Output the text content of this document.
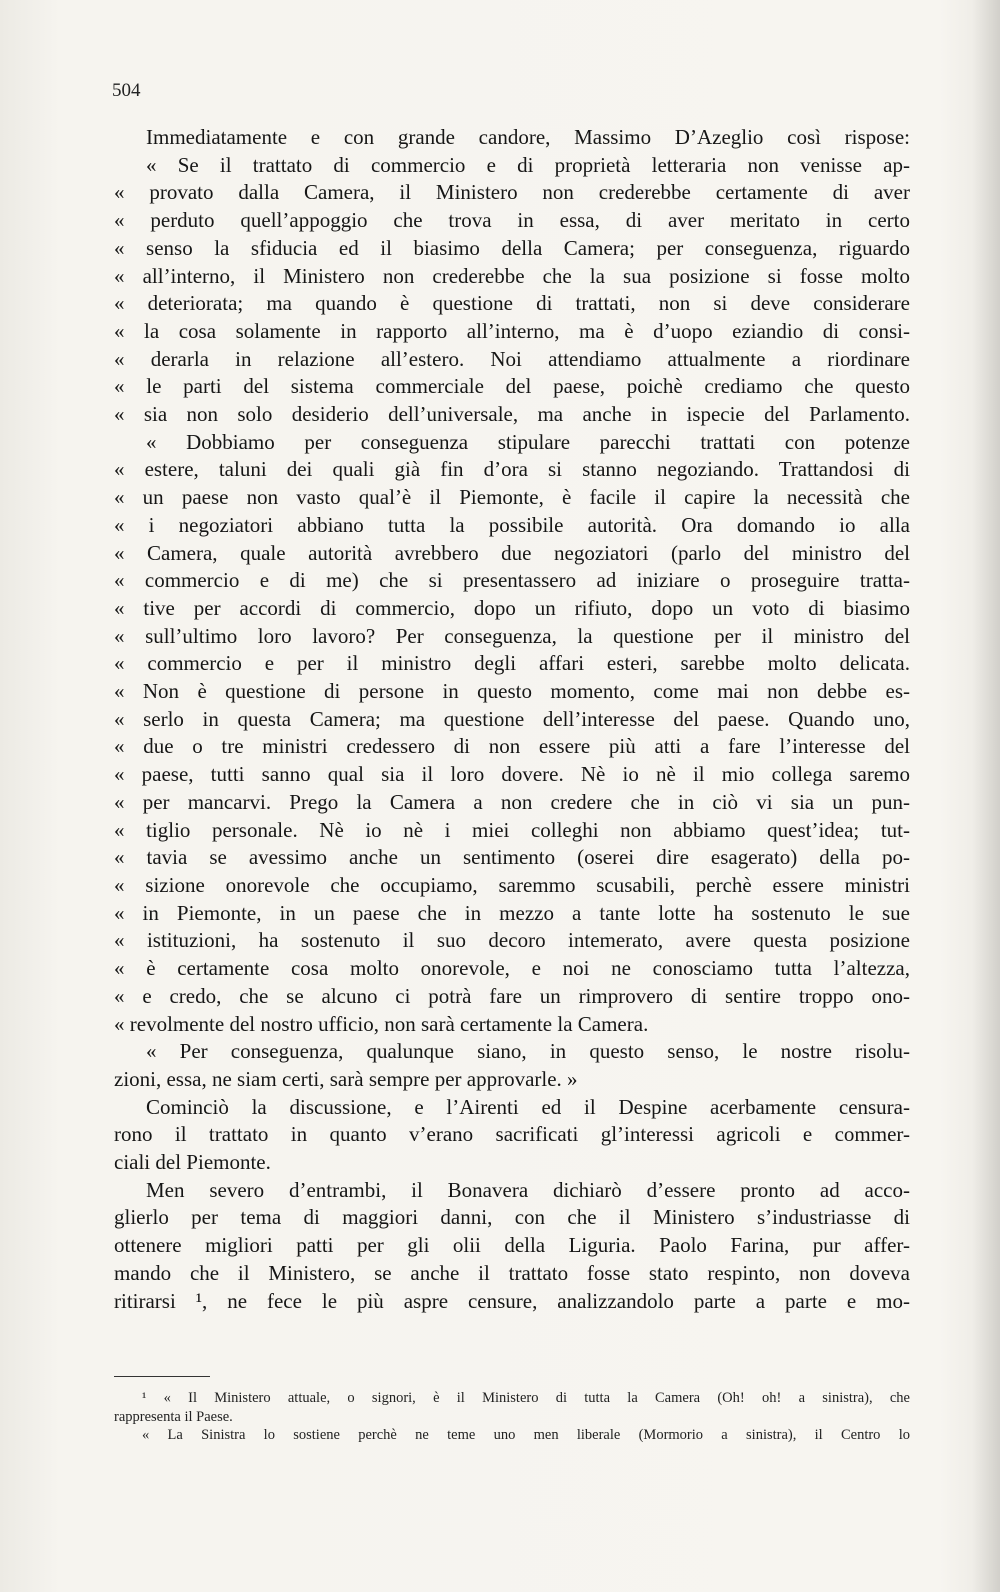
504
Immediatamente e con grande candore, Massimo D’Azeglio così rispose:
« Se il trattato di commercio e di proprietà letteraria non venisse ap-
« provato dalla Camera, il Ministero non crederebbe certamente di aver
« perduto quell’appoggio che trova in essa, di aver meritato in certo
« senso la sfiducia ed il biasimo della Camera; per conseguenza, riguardo
« all’interno, il Ministero non crederebbe che la sua posizione si fosse molto
« deteriorata; ma quando è questione di trattati, non si deve considerare
« la cosa solamente in rapporto all’interno, ma è d’uopo eziandio di consi-
« derarla in relazione all’estero. Noi attendiamo attualmente a riordinare
« le parti del sistema commerciale del paese, poichè crediamo che questo
« sia non solo desiderio dell’universale, ma anche in ispecie del Parlamento.
« Dobbiamo per conseguenza stipulare parecchi trattati con potenze
« estere, taluni dei quali già fin d’ora si stanno negoziando. Trattandosi di
« un paese non vasto qual’è il Piemonte, è facile il capire la necessità che
« i negoziatori abbiano tutta la possibile autorità. Ora domando io alla
« Camera, quale autorità avrebbero due negoziatori (parlo del ministro del
« commercio e di me) che si presentassero ad iniziare o proseguire tratta-
« tive per accordi di commercio, dopo un rifiuto, dopo un voto di biasimo
« sull’ultimo loro lavoro? Per conseguenza, la questione per il ministro del
« commercio e per il ministro degli affari esteri, sarebbe molto delicata.
« Non è questione di persone in questo momento, come mai non debbe es-
« serlo in questa Camera; ma questione dell’interesse del paese. Quando uno,
« due o tre ministri credessero di non essere più atti a fare l’interesse del
« paese, tutti sanno qual sia il loro dovere. Nè io nè il mio collega saremo
« per mancarvi. Prego la Camera a non credere che in ciò vi sia un pun-
« tiglio personale. Nè io nè i miei colleghi non abbiamo quest’idea; tut-
« tavia se avessimo anche un sentimento (oserei dire esagerato) della po-
« sizione onorevole che occupiamo, saremmo scusabili, perchè essere ministri
« in Piemonte, in un paese che in mezzo a tante lotte ha sostenuto le sue
« istituzioni, ha sostenuto il suo decoro intemerato, avere questa posizione
« è certamente cosa molto onorevole, e noi ne conosciamo tutta l’altezza,
« e credo, che se alcuno ci potrà fare un rimprovero di sentire troppo ono-
« revolmente del nostro ufficio, non sarà certamente la Camera.
« Per conseguenza, qualunque siano, in questo senso, le nostre risolu-
zioni, essa, ne siam certi, sarà sempre per approvarle. »
Cominciò la discussione, e l’Airenti ed il Despine acerbamente censura-
rono il trattato in quanto v’erano sacrificati gl’interessi agricoli e commer-
ciali del Piemonte.
Men severo d’entrambi, il Bonavera dichiarò d’essere pronto ad acco-
glierlo per tema di maggiori danni, con che il Ministero s’industriasse di
ottenere migliori patti per gli olii della Liguria. Paolo Farina, pur affer-
mando che il Ministero, se anche il trattato fosse stato respinto, non doveva
ritirarsi ¹, ne fece le più aspre censure, analizzandolo parte a parte e mo-
¹ « Il Ministero attuale, o signori, è il Ministero di tutta la Camera (Oh! oh! a sinistra), che
rappresenta il Paese.
« La Sinistra lo sostiene perchè ne teme uno men liberale (Mormorio a sinistra), il Centro lo
